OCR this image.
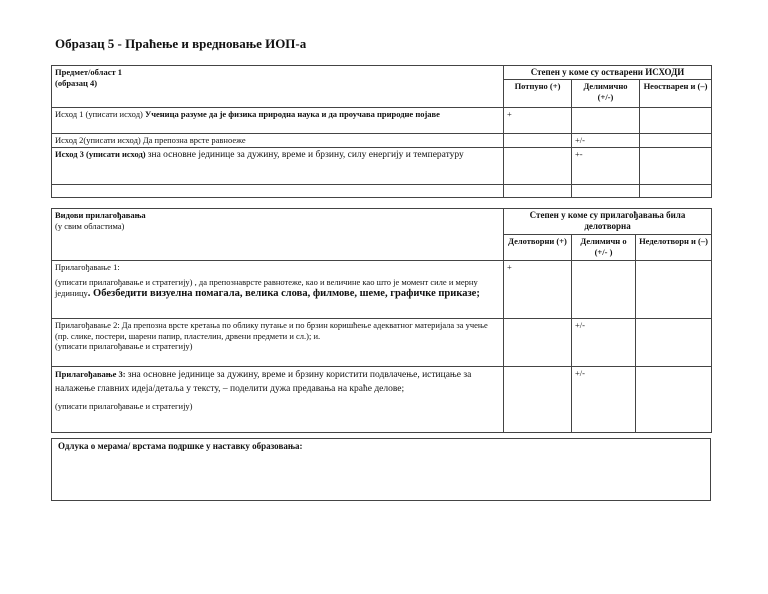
Образац 5 - Праћење и вредновање ИОП-а
Предмет/област 1
(образац 4)	Степен у коме су остварени ИСХОДИ		
	Потпуно (+)	Делимично (+/-)	Неостварен и (–)
Исход 1 (уписати исход) Ученица разуме да је физика природна наука и да проучава природне појаве	+		
Исход 2(уписати исход) Да препозна врсте равноеже		+/-	
Исход 3 (уписати исход) зна основне јединице за дужину, време и брзину, силу енергију и температуру		+-	

Видови прилагођавања
(у свим областима)	Степен у коме су прилагођавања била делотворна		
	Делотворни (+)	Делимичн о (+/- )	Неделотворн и (–)

Прилагођавање 1:
(уписати прилагођавање и стратегију) , да препознаврсте равнотеже, као и величине као што је момент силе и мерну јединицу. Обезбедити визуелна помагала, велика слова, филмове, шеме, графичке приказе;	+		

Прилагођавање 2: Да препозна врсте кретања по облику путање и по брзин коришћење адекватног материјала за учење (пр. слике, постери, шарени папир, пластелин, дрвени предмети и сл.); и.
(уписати прилагођавање и стратегију)		+/-	

Прилагођавање 3: зна основне јединице за дужину, време и брзину користити подвлачење, истицање за налажење главних идеја/детаља у тексту, – поделити дужа предавања на краће делове;
(уписати прилагођавање и стратегију)		+/-	
Одлука о мерама/ врстама подршке у наставку образовања:
